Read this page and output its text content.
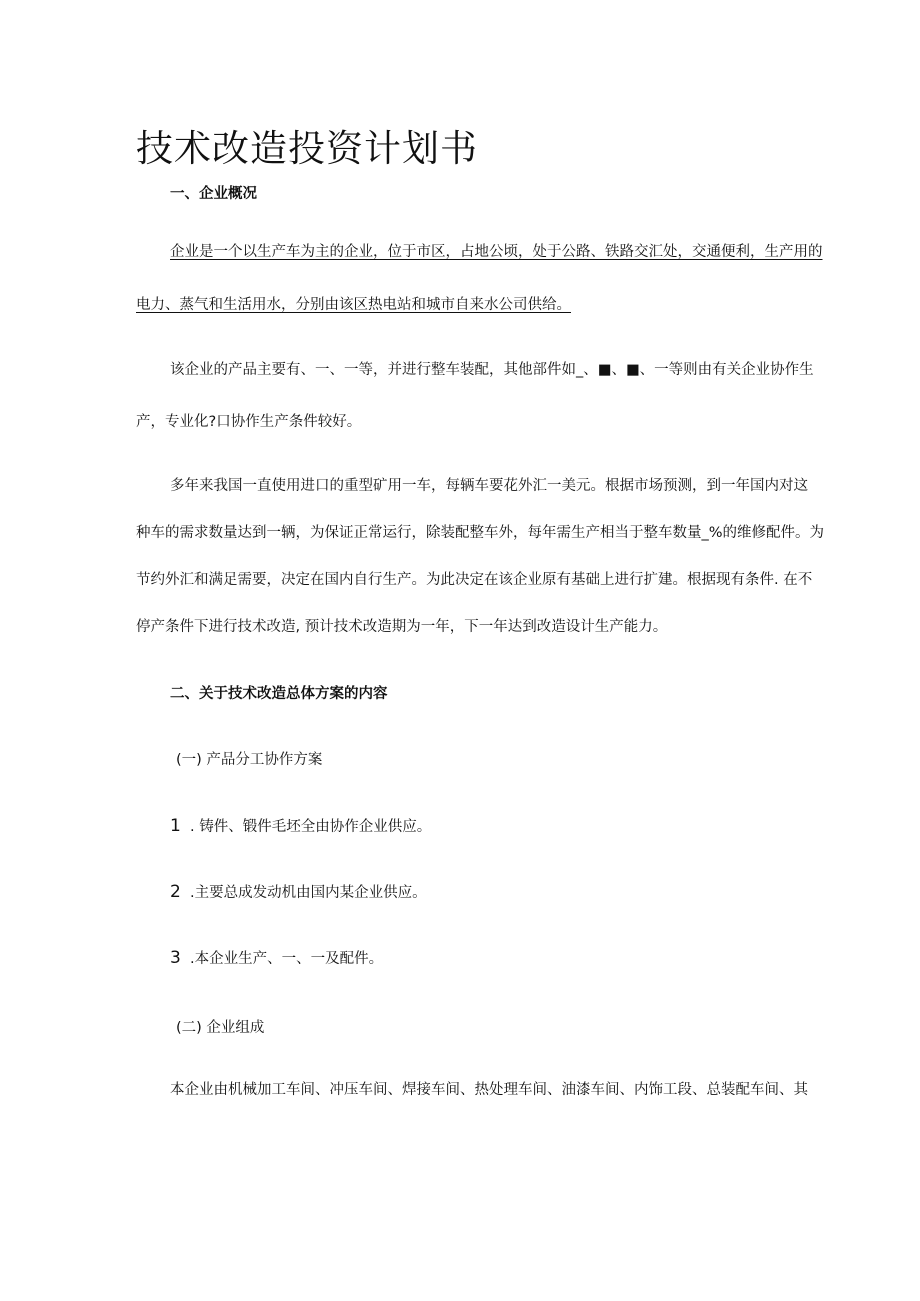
技术改造投资计划书
一、企业概况
企业是一个以生产车为主的企业，位于市区，占地公顷，处于公路、铁路交汇处，交通便利，生产用的
电力、蒸气和生活用水，分别由该区热电站和城市自来水公司供给。
该企业的产品主要有、一、一等，并进行整车装配，其他部件如_、■、■、一等则由有关企业协作生
产，专业化?口协作生产条件较好。
多年来我国一直使用进口的重型矿用一车，每辆车要花外汇一美元。根据市场预测，到一年国内对这
种车的需求数量达到一辆，为保证正常运行，除装配整车外，每年需生产相当于整车数量_%的维修配件。为
节约外汇和满足需要，决定在国内自行生产。为此决定在该企业原有基础上进行扩建。根据现有条件. 在不
停产条件下进行技术改造, 预计技术改造期为一年，下一年达到改造设计生产能力。
二、关于技术改造总体方案的内容
(一) 产品分工协作方案
1 . 铸件、锻件毛坯全由协作企业供应。
2 .主要总成发动机由国内某企业供应。
3 .本企业生产、一、一及配件。
(二) 企业组成
本企业由机械加工车间、冲压车间、焊接车间、热处理车间、油漆车间、内饰工段、总装配车间、其
